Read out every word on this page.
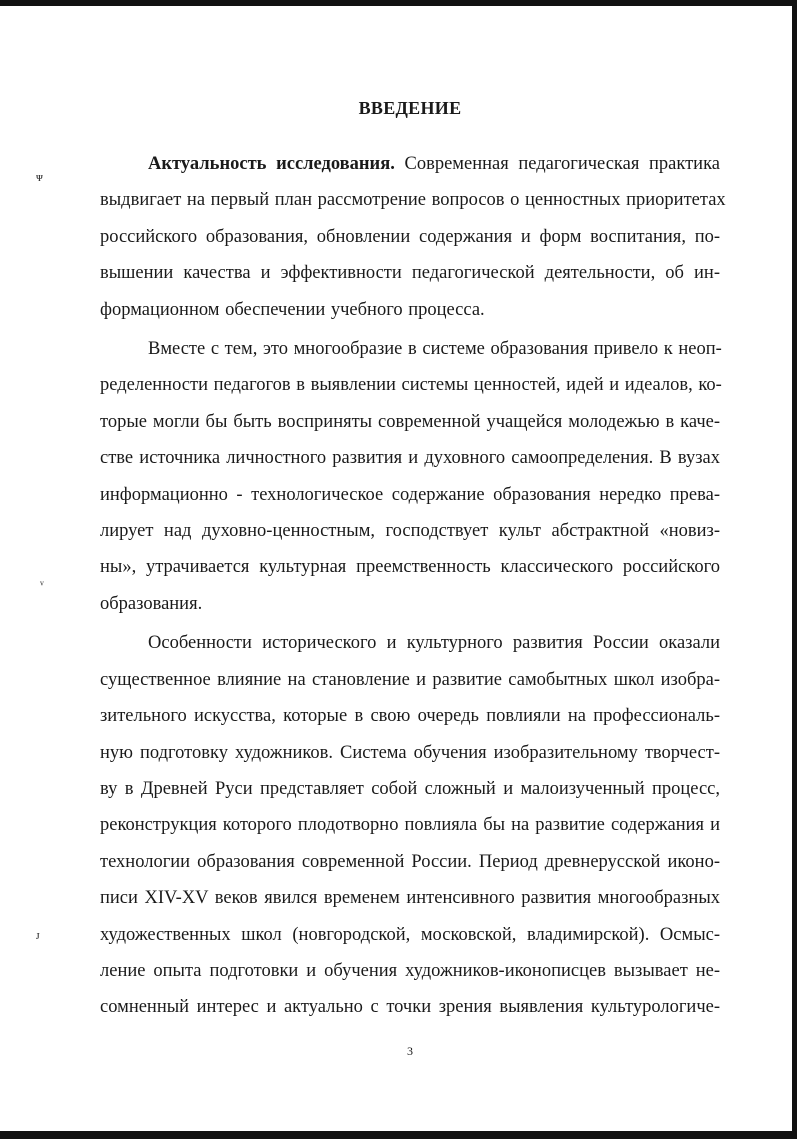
ᴪ
ᵛ
ᴊ
ВВЕДЕНИЕ

Актуальность исследования. Современная педагогическая практика
выдвигает на первый план рассмотрение вопросов о ценностных приоритетах
российского образования, обновлении содержания и форм воспитания, по-
вышении качества и эффективности педагогической деятельности, об ин-
формационном обеспечении учебного процесса.

Вместе с тем, это многообразие в системе образования привело к неоп-
ределенности педагогов в выявлении системы ценностей, идей и идеалов, ко-
торые могли бы быть восприняты современной учащейся молодежью в каче-
стве источника личностного развития и духовного самоопределения. В вузах
информационно - технологическое содержание образования нередко прева-
лирует над духовно-ценностным, господствует культ абстрактной «новиз-
ны», утрачивается культурная преемственность классического российского
образования.

Особенности исторического и культурного развития России оказали
существенное влияние на становление и развитие самобытных школ изобра-
зительного искусства, которые в свою очередь повлияли на профессиональ-
ную подготовку художников. Система обучения изобразительному творчест-
ву в Древней Руси представляет собой сложный и малоизученный процесс,
реконструкция которого плодотворно повлияла бы на развитие содержания и
технологии образования современной России. Период древнерусской иконо-
писи XIV-XV веков явился временем интенсивного развития многообразных
художественных школ (новгородской, московской, владимирской). Осмыс-
ление опыта подготовки и обучения художников-иконописцев вызывает не-
сомненный интерес и актуально с точки зрения выявления культурологиче-

3
